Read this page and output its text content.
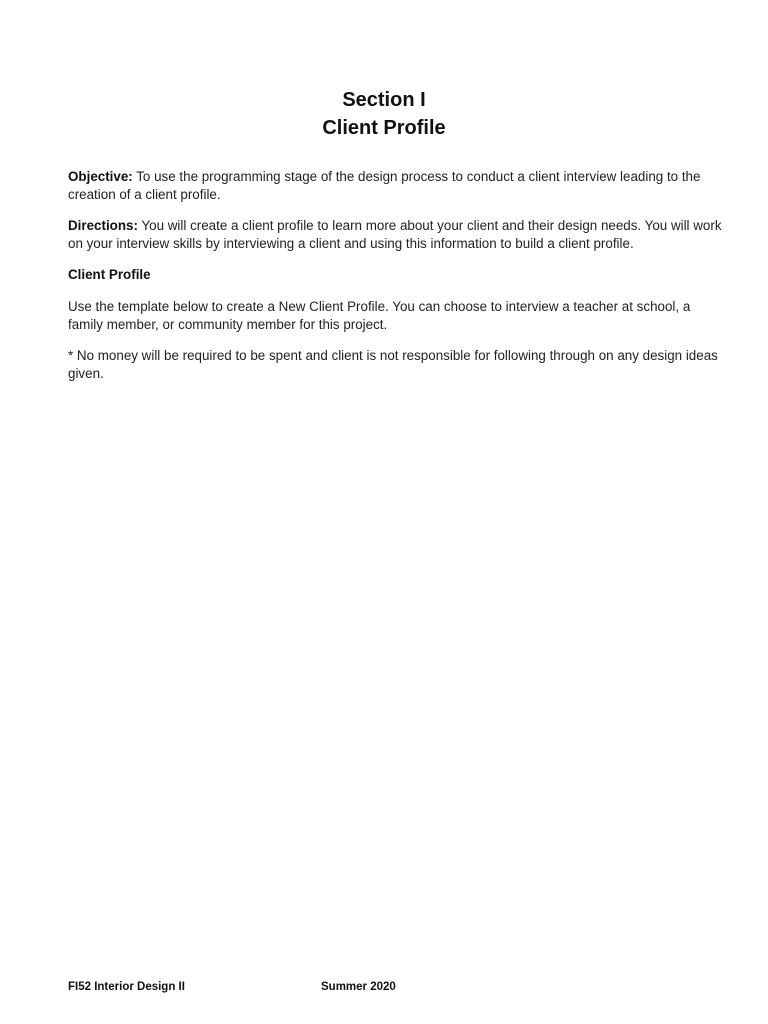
Section I

Client Profile

Objective: To use the programming stage of the design process to conduct a client interview leading to the creation of a client profile.

Directions: You will create a client profile to learn more about your client and their design needs. You will work on your interview skills by interviewing a client and using this information to build a client profile.

Client Profile

Use the template below to create a New Client Profile. You can choose to interview a teacher at school, a family member, or community member for this project.

* No money will be required to be spent and client is not responsible for following through on any design ideas given.

FI52 Interior Design II	Summer 2020
